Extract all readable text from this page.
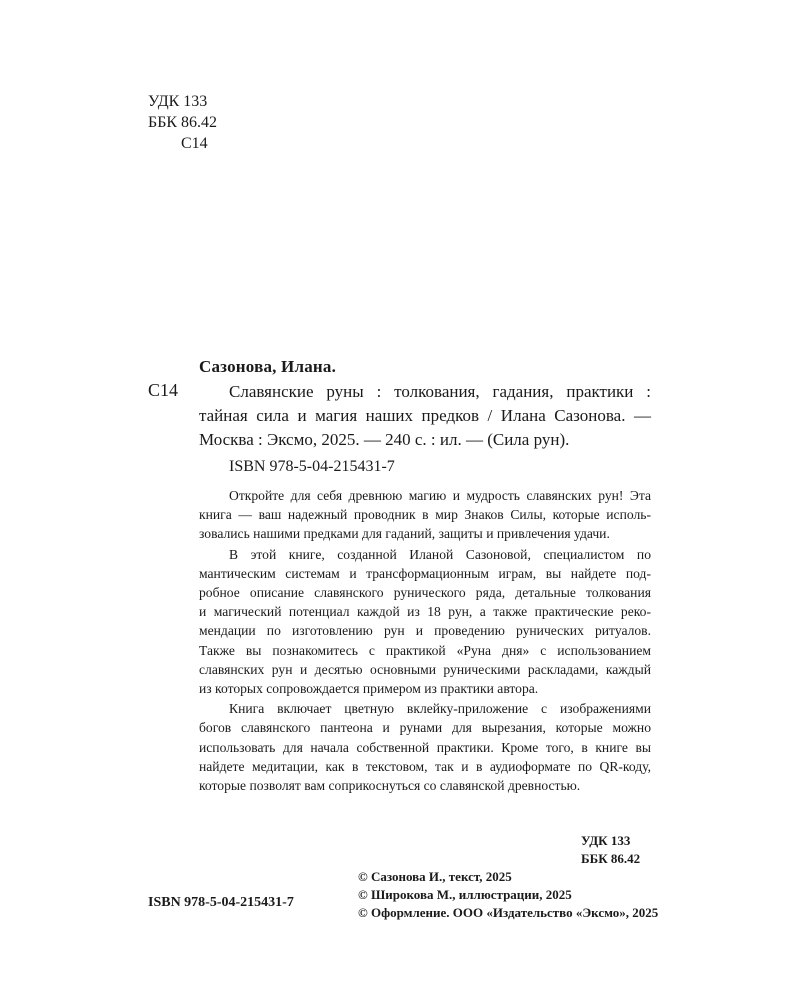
УДК 133
ББК 86.42
С14
Сазонова, Илана.
С14	Славянские руны : толкования, гадания, практики :
тайная сила и магия наших предков / Илана Сазонова. —
Москва : Эксмо, 2025. — 240 с. : ил. — (Сила рун).
ISBN 978-5-04-215431-7
Откройте для себя древнюю магию и мудрость славянских рун! Эта
книга — ваш надежный проводник в мир Знаков Силы, которые исполь-
зовались нашими предками для гаданий, защиты и привлечения удачи.
В этой книге, созданной Иланой Сазоновой, специалистом по
мантическим системам и трансформационным играм, вы найдете под-
робное описание славянского рунического ряда, детальные толкования
и магический потенциал каждой из 18 рун, а также практические реко-
мендации по изготовлению рун и проведению рунических ритуалов.
Также вы познакомитесь с практикой «Руна дня» с использованием
славянских рун и десятью основными руническими раскладами, каждый
из которых сопровождается примером из практики автора.
Книга включает цветную вклейку-приложение с изображениями
богов славянского пантеона и рунами для вырезания, которые можно
использовать для начала собственной практики. Кроме того, в книге вы
найдете медитации, как в текстовом, так и в аудиоформате по QR-коду,
которые позволят вам соприкоснуться со славянской древностью.
УДК 133
ББК 86.42
© Сазонова И., текст, 2025
© Широкова М., иллюстрации, 2025
© Оформление. ООО «Издательство «Эксмо», 2025
ISBN 978-5-04-215431-7
